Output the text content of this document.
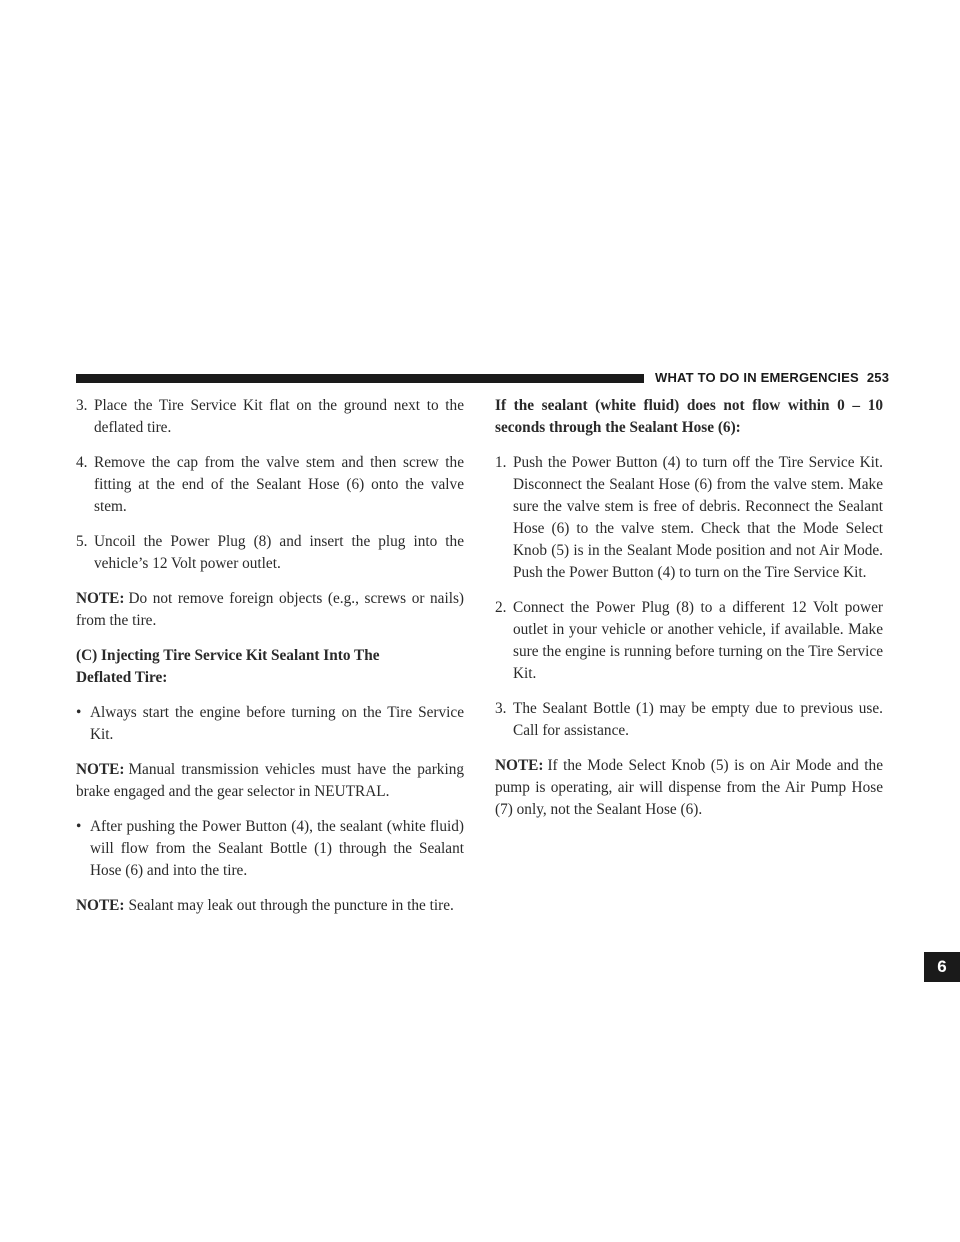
WHAT TO DO IN EMERGENCIES 253
6
3. Place the Tire Service Kit flat on the ground next to the deflated tire.
4. Remove the cap from the valve stem and then screw the fitting at the end of the Sealant Hose (6) onto the valve stem.
5. Uncoil the Power Plug (8) and insert the plug into the vehicle’s 12 Volt power outlet.

NOTE: Do not remove foreign objects (e.g., screws or nails) from the tire.

(C) Injecting Tire Service Kit Sealant Into The Deflated Tire:

• Always start the engine before turning on the Tire Service Kit.

NOTE: Manual transmission vehicles must have the parking brake engaged and the gear selector in NEUTRAL.

• After pushing the Power Button (4), the sealant (white fluid) will flow from the Sealant Bottle (1) through the Sealant Hose (6) and into the tire.

NOTE: Sealant may leak out through the puncture in the tire.

If the sealant (white fluid) does not flow within 0 – 10 seconds through the Sealant Hose (6):

1. Push the Power Button (4) to turn off the Tire Service Kit. Disconnect the Sealant Hose (6) from the valve stem. Make sure the valve stem is free of debris. Reconnect the Sealant Hose (6) to the valve stem. Check that the Mode Select Knob (5) is in the Sealant Mode position and not Air Mode. Push the Power Button (4) to turn on the Tire Service Kit.
2. Connect the Power Plug (8) to a different 12 Volt power outlet in your vehicle or another vehicle, if available. Make sure the engine is running before turning on the Tire Service Kit.
3. The Sealant Bottle (1) may be empty due to previous use. Call for assistance.

NOTE: If the Mode Select Knob (5) is on Air Mode and the pump is operating, air will dispense from the Air Pump Hose (7) only, not the Sealant Hose (6).
